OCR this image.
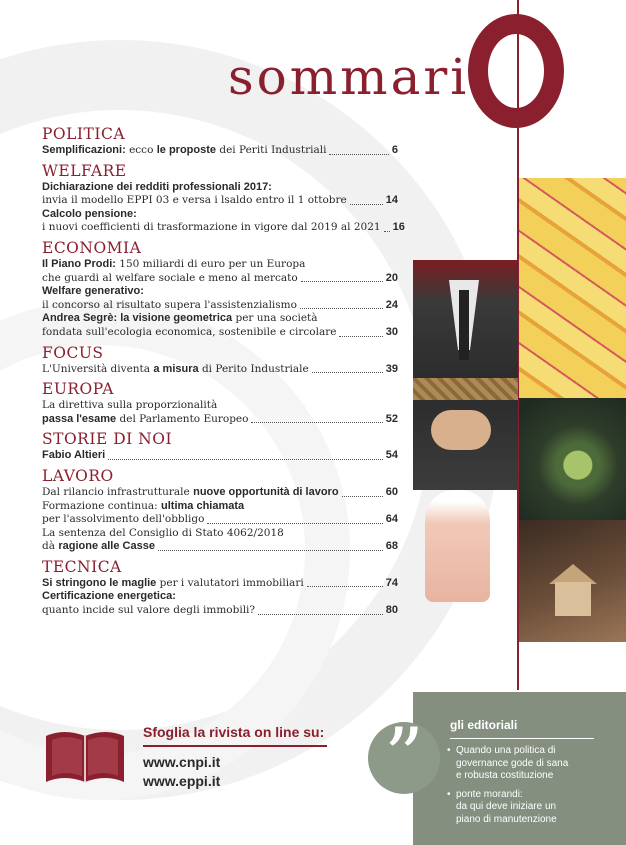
sommari
POLITICA
Semplificazioni: ecco le proposte dei Periti Industriali	6
WELFARE
Dichiarazione dei redditi professionali 2017:
invia il modello EPPI 03 e versa i lsaldo entro il 1 ottobre	14
Calcolo pensione:
i nuovi coefficienti di trasformazione in vigore dal 2019 al 2021 16
ECONOMIA
Il Piano Prodi: 150 miliardi di euro per un Europa
che guardi al welfare sociale e meno al mercato	20
Welfare generativo:
il concorso al risultato supera l'assistenzialismo	24
Andrea Segrè: la visione geometrica per una società
fondata sull'ecologia economica, sostenibile e circolare	30
FOCUS
L'Università diventa a misura di Perito Industriale	39
EUROPA
La direttiva sulla proporzionalità
passa l'esame del Parlamento Europeo	52
STORIE DI NOI
Fabio Altieri	54
LAVORO
Dal rilancio infrastrutturale nuove opportunità di lavoro	60
Formazione continua: ultima chiamata
per l'assolvimento dell'obbligo	64
La sentenza del Consiglio di Stato 4062/2018
dà ragione alle Casse	68
TECNICA
Si stringono le maglie per i valutatori immobiliari	74
Certificazione energetica:
quanto incide sul valore degli immobili?	80
Sfoglia la rivista on line su:
www.cnpi.it
www.eppi.it ”	gli editoriali
• Quando una politica di
governance gode di sana
e robusta costituzione
• ponte morandi:
da qui deve iniziare un
piano di manutenzione
